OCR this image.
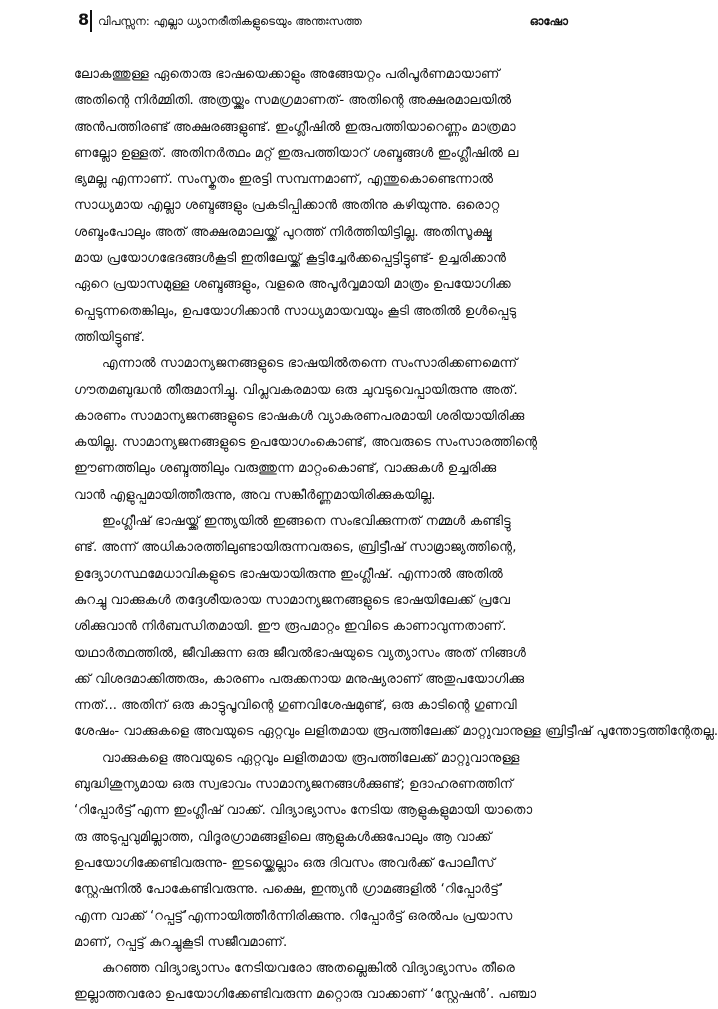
8 വിപസ്സന: എല്ലാ ധ്യാനരീതികളുടെയും അന്തഃസത്ത	ഓഷോ
ലോകത്തുള്ള ഏതൊരു ഭാഷയെക്കാളും അങ്ങേയറ്റം പരിപൂർണമായാണ്
അതിന്റെ നിർമ്മിതി. അത്രയ്ക്കും സമഗ്രമാണത്- അതിന്റെ അക്ഷരമാലയിൽ
അൻപത്തിരണ്ട് അക്ഷരങ്ങളുണ്ട്. ഇംഗ്ലീഷിൽ ഇരുപത്തിയാറെണ്ണം മാത്രമാ
ണല്ലോ ഉള്ളത്. അതിനർത്ഥം മറ്റ് ഇരുപത്തിയാറ് ശബ്ദങ്ങൾ ഇംഗ്ലീഷിൽ ല
ഭ്യമല്ല എന്നാണ്. സംസ്കൃതം ഇരട്ടി സമ്പന്നമാണ്, എന്തുകൊണ്ടെന്നാൽ
സാധ്യമായ എല്ലാ ശബ്ദങ്ങളും പ്രകടിപ്പിക്കാൻ അതിനു കഴിയുന്നു. ഒരൊറ്റ
ശബ്ദംപോലും അത് അക്ഷരമാലയ്ക്ക് പുറത്ത് നിർത്തിയിട്ടില്ല. അതിസൂക്ഷ്മ
മായ പ്രയോഗഭേദങ്ങൾകൂടി ഇതിലേയ്ക്ക് കൂട്ടിച്ചേർക്കപ്പെട്ടിട്ടുണ്ട്- ഉച്ചരിക്കാൻ
ഏറെ പ്രയാസമുള്ള ശബ്ദങ്ങളും, വളരെ അപൂർവ്വമായി മാത്രം ഉപയോഗിക്ക
പ്പെടുന്നതെങ്കിലും, ഉപയോഗിക്കാൻ സാധ്യമായവയും കൂടി അതിൽ ഉൾപ്പെടു
ത്തിയിട്ടുണ്ട്.
എന്നാൽ സാമാന്യജനങ്ങളുടെ ഭാഷയിൽതന്നെ സംസാരിക്കണമെന്ന്
ഗൗതമബുദ്ധൻ തീരുമാനിച്ചു. വിപ്ലവകരമായ ഒരു ചുവടുവെപ്പായിരുന്നു അത്.
കാരണം സാമാന്യജനങ്ങളുടെ ഭാഷകൾ വ്യാകരണപരമായി ശരിയായിരിക്കു
കയില്ല. സാമാന്യജനങ്ങളുടെ ഉപയോഗംകൊണ്ട്, അവരുടെ സംസാരത്തിന്റെ
ഈണത്തിലും ശബ്ദത്തിലും വരുത്തുന്ന മാറ്റംകൊണ്ട്, വാക്കുകൾ ഉച്ചരിക്കു
വാൻ എളുപ്പമായിത്തീരുന്നു, അവ സങ്കീർണ്ണമായിരിക്കുകയില്ല.
ഇംഗ്ലീഷ് ഭാഷയ്ക്ക് ഇന്ത്യയിൽ ഇങ്ങനെ സംഭവിക്കുന്നത് നമ്മൾ കണ്ടിട്ടു
ണ്ട്. അന്ന് അധികാരത്തിലുണ്ടായിരുന്നവരുടെ, ബ്രിട്ടീഷ് സാമ്രാജ്യത്തിന്റെ,
ഉദ്യോഗസ്ഥമേധാവികളുടെ ഭാഷയായിരുന്നു ഇംഗ്ലീഷ്. എന്നാൽ അതിൽ
കുറച്ചു വാക്കുകൾ തദ്ദേശീയരായ സാമാന്യജനങ്ങളുടെ ഭാഷയിലേക്ക് പ്രവേ
ശിക്കുവാൻ നിർബന്ധിതമായി. ഈ രൂപമാറ്റം ഇവിടെ കാണാവുന്നതാണ്.
യഥാർത്ഥത്തിൽ, ജീവിക്കുന്ന ഒരു ജീവൽഭാഷയുടെ വ്യത്യാസം അത് നിങ്ങൾ
ക്ക് വിശദമാക്കിത്തരും, കാരണം പരുക്കനായ മനുഷ്യരാണ് അതുപയോഗിക്കു
ന്നത്... അതിന് ഒരു കാട്ടുപൂവിന്റെ ഗുണവിശേഷമുണ്ട്, ഒരു കാടിന്റെ ഗുണവി
ശേഷം- വാക്കുകളെ അവയുടെ ഏറ്റവും ലളിതമായ രൂപത്തിലേക്ക് മാറ്റുവാനുള്ള ബ്രിട്ടീഷ് പൂന്തോട്ടത്തിന്റേതല്ല.
വാക്കുകളെ അവയുടെ ഏറ്റവും ലളിതമായ രൂപത്തിലേക്ക് മാറ്റുവാനുള്ള
ബുദ്ധിശുന്യമായ ഒരു സ്വഭാവം സാമാന്യജനങ്ങൾക്കുണ്ട്; ഉദാഹരണത്തിന്
‘റിപ്പോർട്ട്’എന്ന ഇംഗ്ലീഷ് വാക്ക്. വിദ്യാഭ്യാസം നേടിയ ആളുകളുമായി യാതൊ
രു അടുപ്പവുമില്ലാത്ത, വിദൂരഗ്രാമങ്ങളിലെ ആളുകൾക്കുപോലും ആ വാക്ക്
ഉപയോഗിക്കേണ്ടിവരുന്നു- ഇടയ്ക്കെല്ലാം ഒരു ദിവസം അവർക്ക് പോലീസ്
സ്റ്റേഷനിൽ പോകേണ്ടിവരുന്നു. പക്ഷെ, ഇന്ത്യൻ ഗ്രാമങ്ങളിൽ ‘റിപ്പോർട്ട്’
എന്ന വാക്ക് ‘റപ്പട്ട്’എന്നായിത്തീർന്നിരിക്കുന്നു. റിപ്പോർട്ട് ഒരൽപം പ്രയാസ
മാണ്, റപ്പട്ട് കുറച്ചുകൂടി സജീവമാണ്.
കുറഞ്ഞ വിദ്യാഭ്യാസം നേടിയവരോ അതല്ലെങ്കിൽ വിദ്യാഭ്യാസം തീരെ
ഇല്ലാത്തവരോ ഉപയോഗിക്കേണ്ടിവരുന്ന മറ്റൊരു വാക്കാണ് ‘സ്റ്റേഷൻ’. പഞ്ചാ
